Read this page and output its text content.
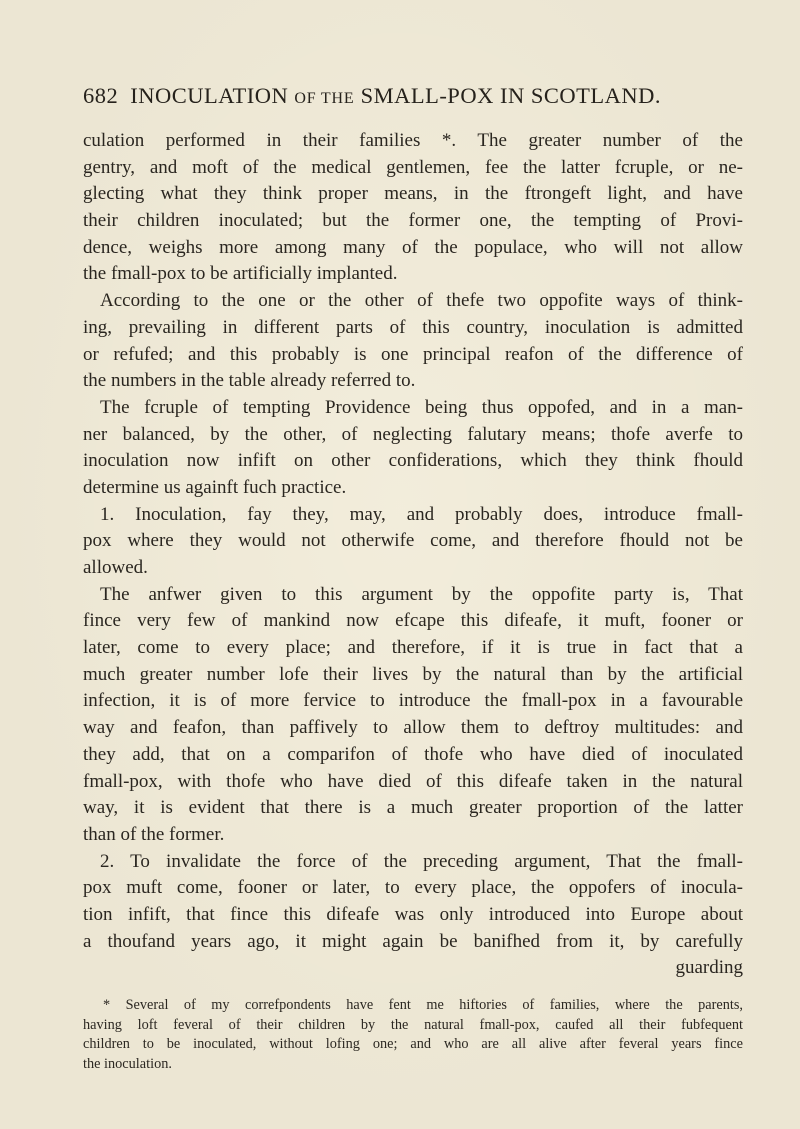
682 INOCULATION OF THE SMALL-POX IN SCOTLAND.
culation performed in their families *. The greater number of the
gentry, and moft of the medical gentlemen, fee the latter fcruple, or ne-
glecting what they think proper means, in the ftrongeft light, and have
their children inoculated; but the former one, the tempting of Provi-
dence, weighs more among many of the populace, who will not allow
the fmall-pox to be artificially implanted.
According to the one or the other of thefe two oppofite ways of think-
ing, prevailing in different parts of this country, inoculation is admitted
or refufed; and this probably is one principal reafon of the difference of
the numbers in the table already referred to.
The fcruple of tempting Providence being thus oppofed, and in a man-
ner balanced, by the other, of neglecting falutary means; thofe averfe to
inoculation now infift on other confiderations, which they think fhould
determine us againft fuch practice.
1. Inoculation, fay they, may, and probably does, introduce fmall-
pox where they would not otherwife come, and therefore fhould not be
allowed.
The anfwer given to this argument by the oppofite party is, That
fince very few of mankind now efcape this difeafe, it muft, fooner or
later, come to every place; and therefore, if it is true in fact that a
much greater number lofe their lives by the natural than by the artificial
infection, it is of more fervice to introduce the fmall-pox in a favourable
way and feafon, than paffively to allow them to deftroy multitudes: and
they add, that on a comparifon of thofe who have died of inoculated
fmall-pox, with thofe who have died of this difeafe taken in the natural
way, it is evident that there is a much greater proportion of the latter
than of the former.
2. To invalidate the force of the preceding argument, That the fmall-
pox muft come, fooner or later, to every place, the oppofers of inocula-
tion infift, that fince this difeafe was only introduced into Europe about
a thoufand years ago, it might again be banifhed from it, by carefully
guarding
* Several of my correfpondents have fent me hiftories of families, where the parents,
having loft feveral of their children by the natural fmall-pox, caufed all their fubfequent
children to be inoculated, without lofing one; and who are all alive after feveral years fince
the inoculation.
